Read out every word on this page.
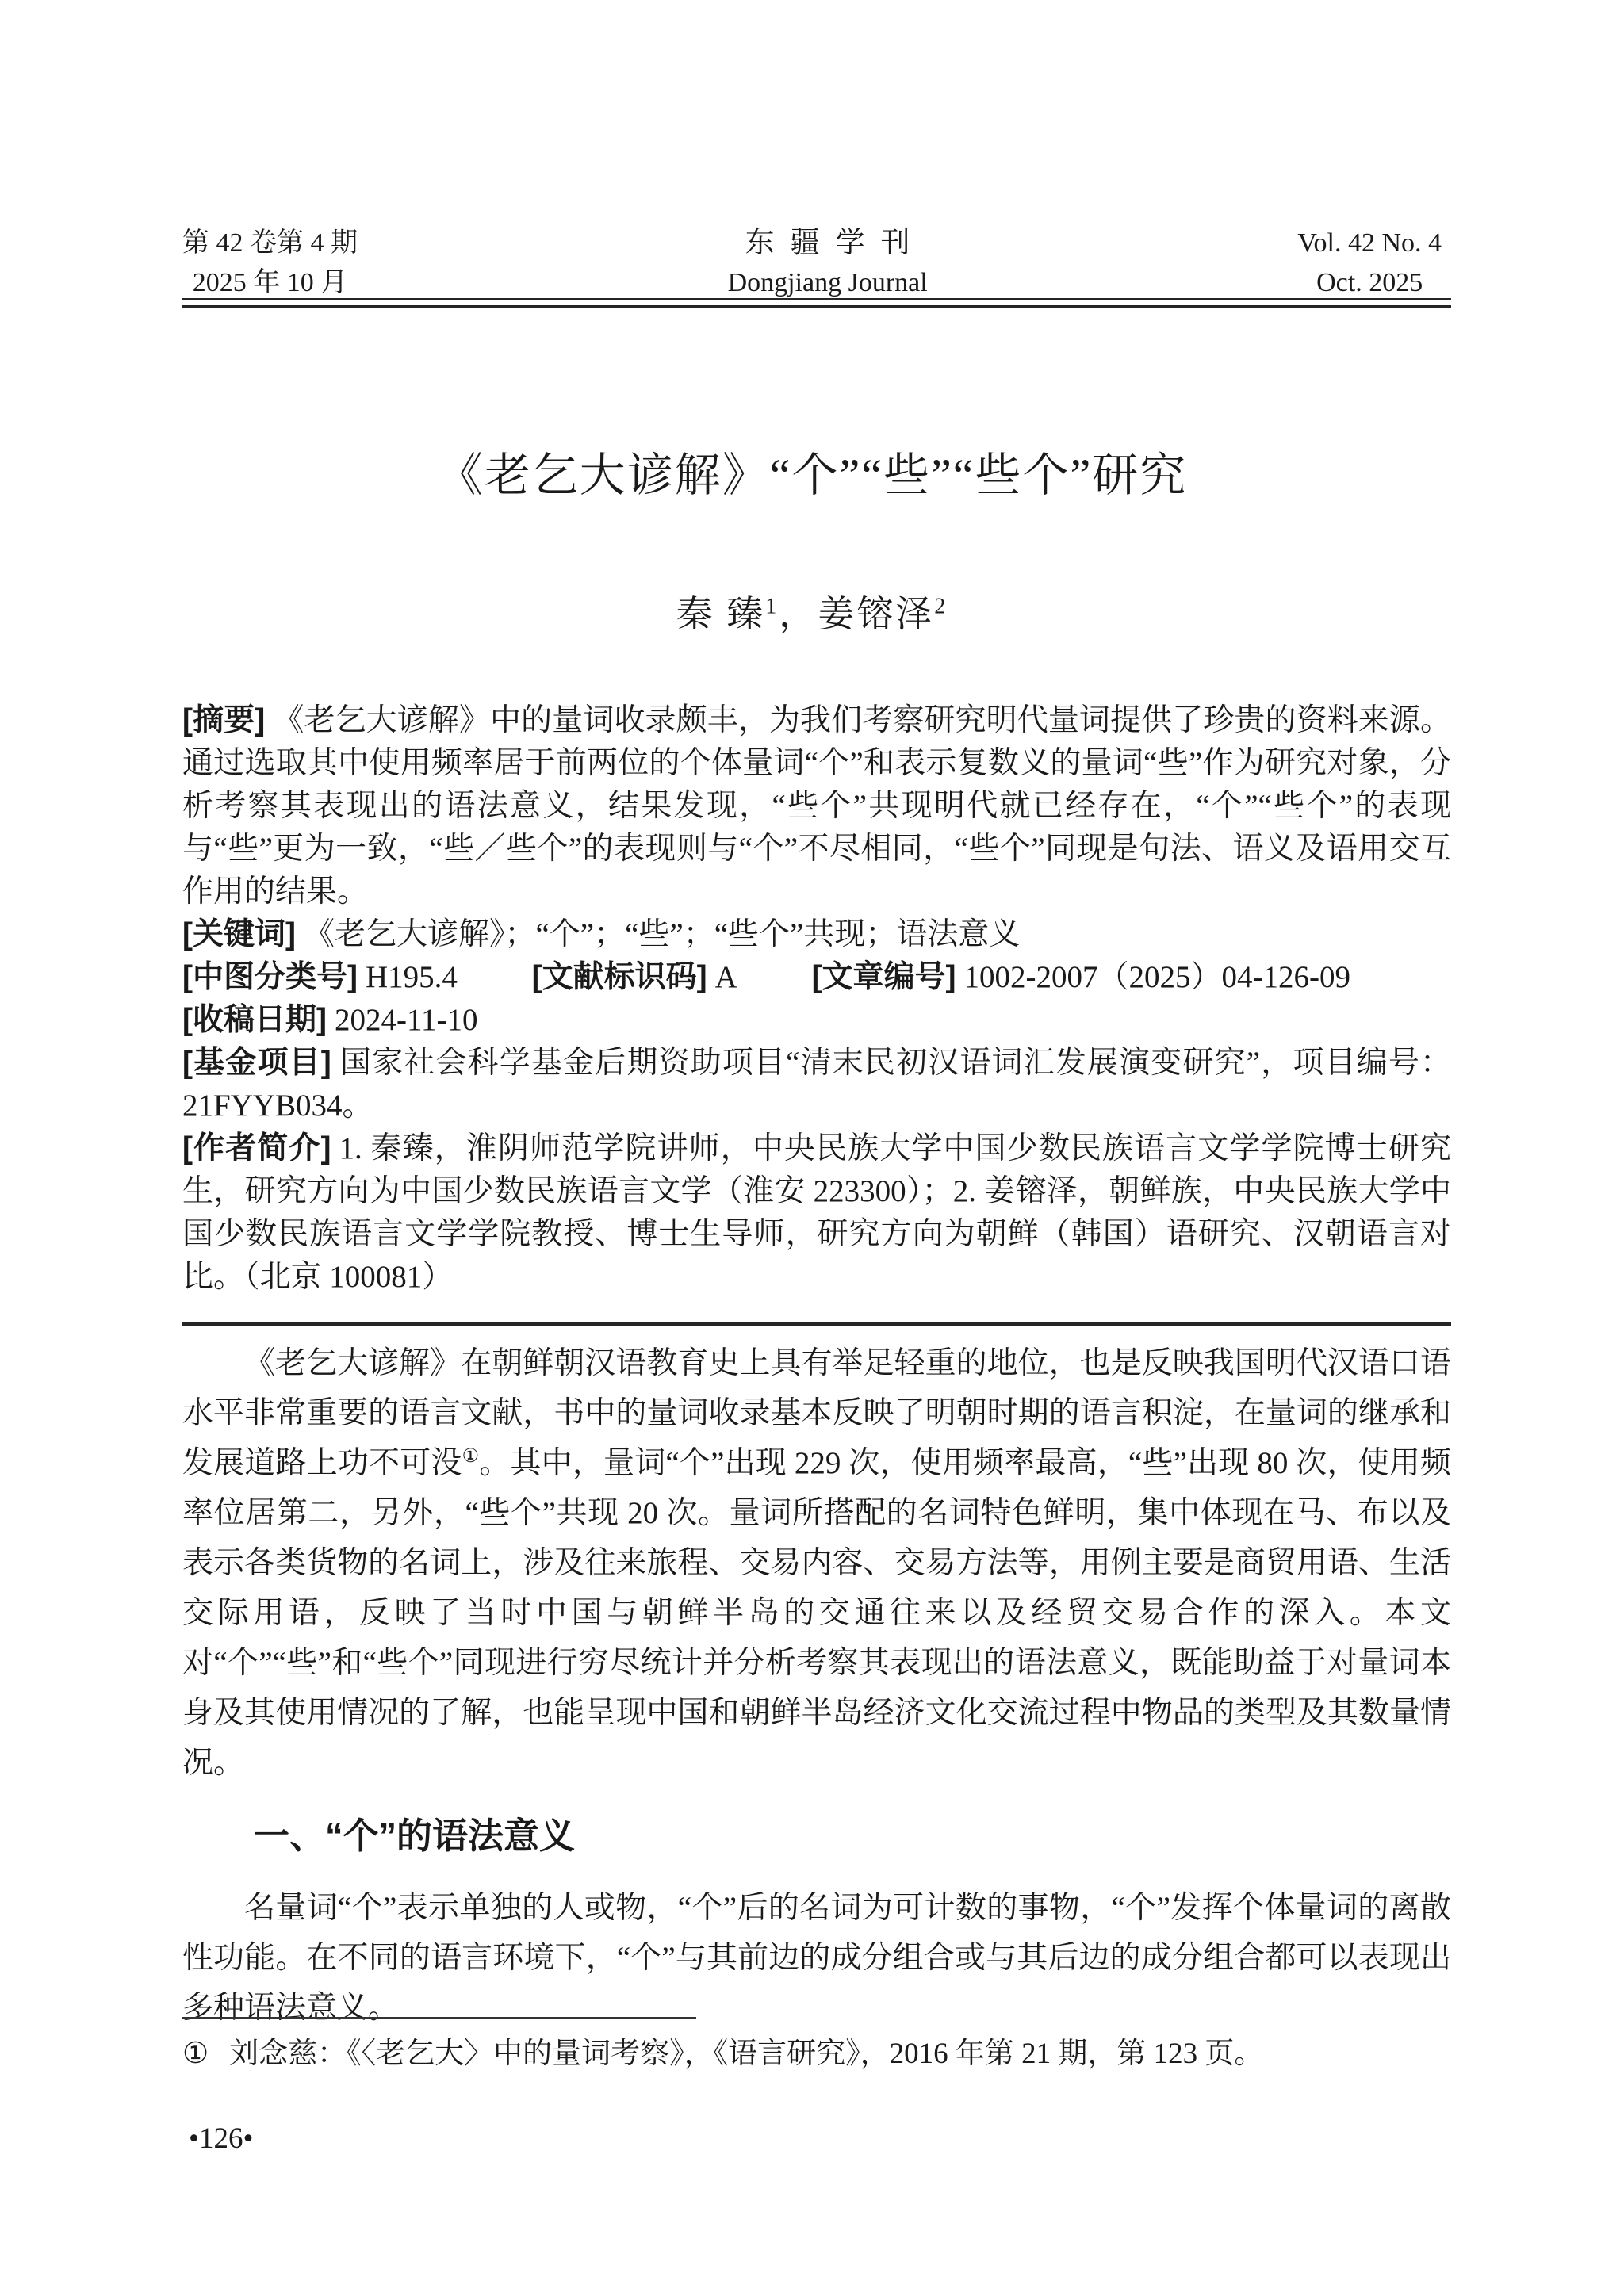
第 42 卷第 4 期
2025 年 10 月
东疆学刊
Dongjiang Journal
Vol. 42 No. 4
Oct. 2025
《老乞大谚解》“个”“些”“些个”研究
秦 臻$^1$，姜镕泽$^2$

[摘要] 《老乞大谚解》中的量词收录颇丰，为我们考察研究明代量词提供了珍贵的资料来源。通过选取其中使用频率居于前两位的个体量词“个”和表示复数义的量词“些”作为研究对象，分析考察其表现出的语法意义，结果发现，“些个”共现明代就已经存在，“个”“些个”的表现与“些”更为一致，“些／些个”的表现则与“个”不尽相同，“些个”同现是句法、语义及语用交互作用的结果。

[关键词] 《老乞大谚解》；“个”；“些”；“些个”共现；语法意义

[中图分类号] H195.4 [文献标识码] A [文章编号] 1002-2007（2025）04-126-09

[收稿日期] 2024-11-10

[基金项目] 国家社会科学基金后期资助项目“清末民初汉语词汇发展演变研究”，项目编号：21FYYB034。

[作者简介] 1. 秦臻，淮阴师范学院讲师，中央民族大学中国少数民族语言文学学院博士研究生，研究方向为中国少数民族语言文学（淮安 223300）；2. 姜镕泽，朝鲜族，中央民族大学中国少数民族语言文学学院教授、博士生导师，研究方向为朝鲜（韩国）语研究、汉朝语言对比。（北京 100081）

《老乞大谚解》在朝鲜朝汉语教育史上具有举足轻重的地位，也是反映我国明代汉语口语水平非常重要的语言文献，书中的量词收录基本反映了明朝时期的语言积淀，在量词的继承和发展道路上功不可没①。其中，量词“个”出现 229 次，使用频率最高，“些”出现 80 次，使用频率位居第二，另外，“些个”共现 20 次。量词所搭配的名词特色鲜明，集中体现在马、布以及表示各类货物的名词上，涉及往来旅程、交易内容、交易方法等，用例主要是商贸用语、生活交际用语，反映了当时中国与朝鲜半岛的交通往来以及经贸交易合作的深入。本文对“个”“些”和“些个”同现进行穷尽统计并分析考察其表现出的语法意义，既能助益于对量词本身及其使用情况的了解，也能呈现中国和朝鲜半岛经济文化交流过程中物品的类型及其数量情况。

一、“个”的语法意义

名量词“个”表示单独的人或物，“个”后的名词为可计数的事物，“个”发挥个体量词的离散性功能。在不同的语言环境下，“个”与其前边的成分组合或与其后边的成分组合都可以表现出多种语法意义。

① 刘念慈：《〈老乞大〉中的量词考察》，《语言研究》，2016 年第 21 期，第 123 页。

•126•
